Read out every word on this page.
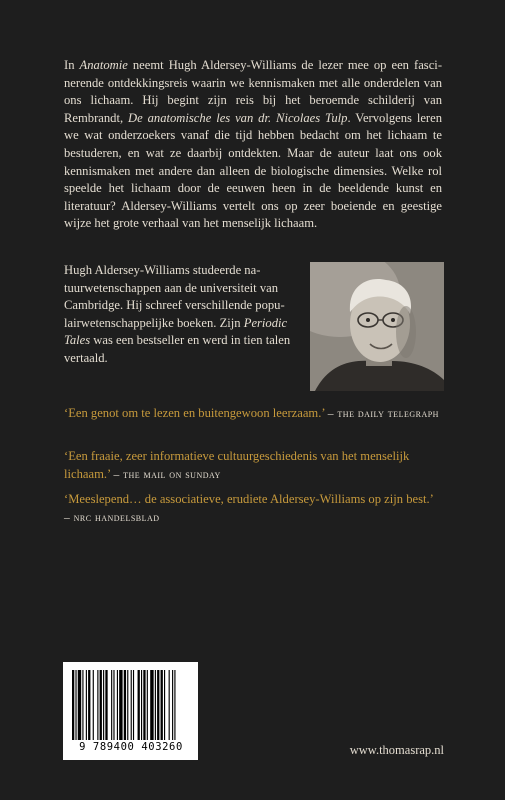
In Anatomie neemt Hugh Aldersey-Williams de lezer mee op een fascinerende ontdekkingsreis waarin we kennismaken met alle onderdelen van ons lichaam. Hij begint zijn reis bij het beroemde schilderij van Rembrandt, De anatomische les van dr. Nicolaes Tulp. Vervolgens leren we wat onderzoekers vanaf die tijd hebben bedacht om het lichaam te bestuderen, en wat ze daarbij ontdekten. Maar de auteur laat ons ook kennismaken met andere dan alleen de biologische dimensies. Welke rol speelde het lichaam door de eeuwen heen in de beeldende kunst en literatuur? Aldersey-Williams vertelt ons op zeer boeiende en geestige wijze het grote verhaal van het menselijk lichaam.

Hugh Aldersey-Williams studeerde natuurwetenschappen aan de universiteit van Cambridge. Hij schreef verschillende populairwetenschappelijke boeken. Zijn Periodic Tales was een bestseller en werd in tien talen vertaald.

‘Een genot om te lezen en buitengewoon leerzaam.’ – the daily telegraph

‘Een fraaie, zeer informatieve cultuurgeschiedenis van het menselijk lichaam.’ – the mail on sunday

‘Meeslepend… de associatieve, erudiete Aldersey-Williams op zijn best.’
– nrc handelsblad

9 789400 403260	www.thomasrap.nl
